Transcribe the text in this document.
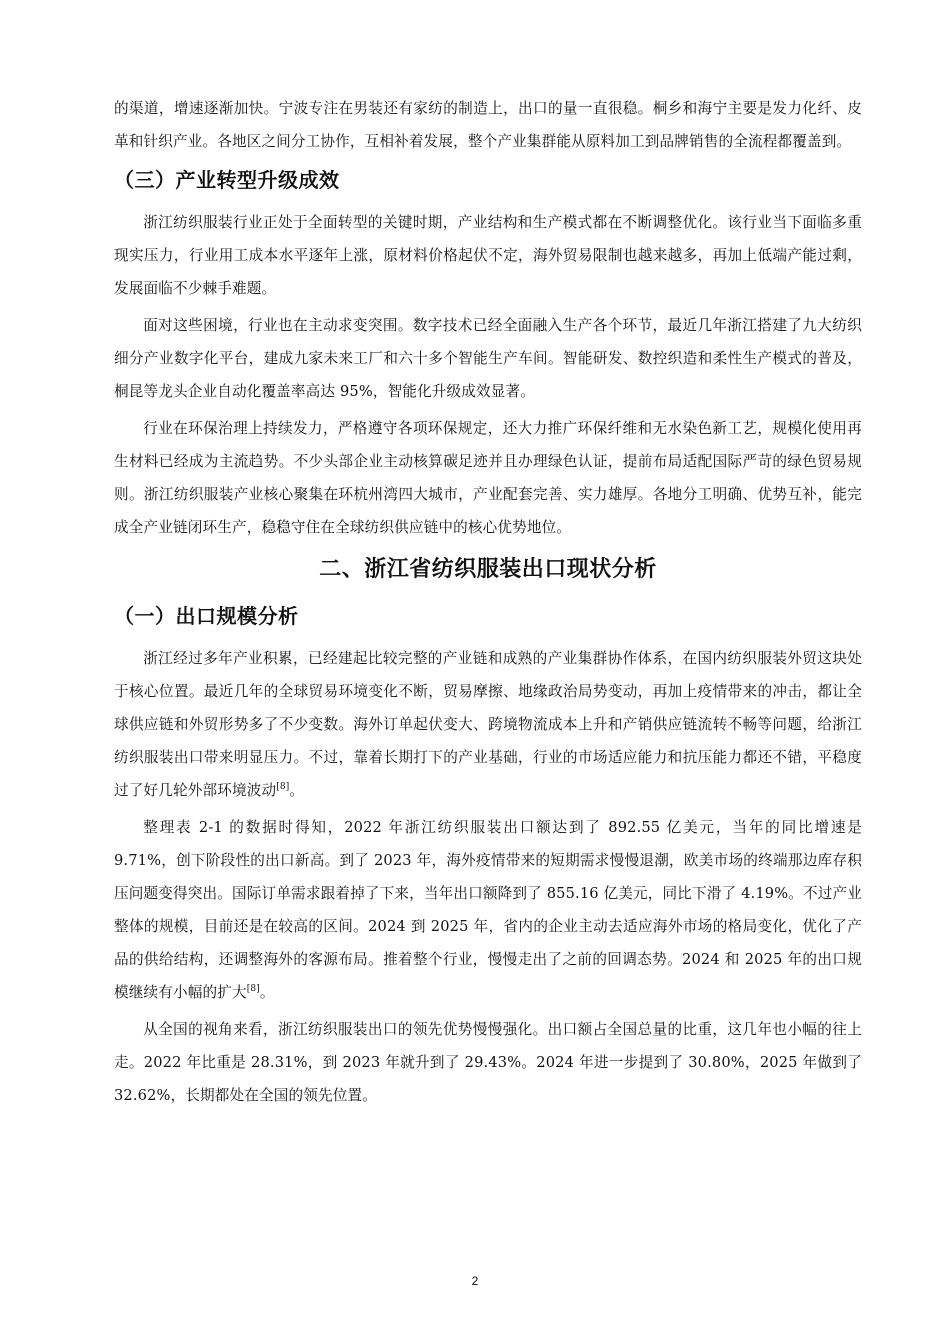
的渠道，增速逐渐加快。宁波专注在男装还有家纺的制造上，出口的量一直很稳。桐乡和海宁主要是发力化纤、皮革和针织产业。各地区之间分工协作，互相补着发展，整个产业集群能从原料加工到品牌销售的全流程都覆盖到。

（三）产业转型升级成效

浙江纺织服装行业正处于全面转型的关键时期，产业结构和生产模式都在不断调整优化。该行业当下面临多重现实压力，行业用工成本水平逐年上涨，原材料价格起伏不定，海外贸易限制也越来越多，再加上低端产能过剩，发展面临不少棘手难题。

面对这些困境，行业也在主动求变突围。数字技术已经全面融入生产各个环节，最近几年浙江搭建了九大纺织细分产业数字化平台，建成九家未来工厂和六十多个智能生产车间。智能研发、数控织造和柔性生产模式的普及，桐昆等龙头企业自动化覆盖率高达 95%，智能化升级成效显著。

行业在环保治理上持续发力，严格遵守各项环保规定，还大力推广环保纤维和无水染色新工艺，规模化使用再生材料已经成为主流趋势。不少头部企业主动核算碳足迹并且办理绿色认证，提前布局适配国际严苛的绿色贸易规则。浙江纺织服装产业核心聚集在环杭州湾四大城市，产业配套完善、实力雄厚。各地分工明确、优势互补，能完成全产业链闭环生产，稳稳守住在全球纺织供应链中的核心优势地位。

二、浙江省纺织服装出口现状分析
（一）出口规模分析

浙江经过多年产业积累，已经建起比较完整的产业链和成熟的产业集群协作体系，在国内纺织服装外贸这块处于核心位置。最近几年的全球贸易环境变化不断，贸易摩擦、地缘政治局势变动，再加上疫情带来的冲击，都让全球供应链和外贸形势多了不少变数。海外订单起伏变大、跨境物流成本上升和产销供应链流转不畅等问题，给浙江纺织服装出口带来明显压力。不过，靠着长期打下的产业基础，行业的市场适应能力和抗压能力都还不错，平稳度过了好几轮外部环境波动[8]。

整理表 2-1 的数据时得知，2022 年浙江纺织服装出口额达到了 892.55 亿美元，当年的同比增速是 9.71%，创下阶段性的出口新高。到了 2023 年，海外疫情带来的短期需求慢慢退潮，欧美市场的终端那边库存积压问题变得突出。国际订单需求跟着掉了下来，当年出口额降到了 855.16 亿美元，同比下滑了 4.19%。不过产业整体的规模，目前还是在较高的区间。2024 到 2025 年，省内的企业主动去适应海外市场的格局变化，优化了产品的供给结构，还调整海外的客源布局。推着整个行业，慢慢走出了之前的回调态势。2024 和 2025 年的出口规模继续有小幅的扩大[8]。

从全国的视角来看，浙江纺织服装出口的领先优势慢慢强化。出口额占全国总量的比重，这几年也小幅的往上走。2022 年比重是 28.31%，到 2023 年就升到了 29.43%。2024 年进一步提到了 30.80%，2025 年做到了 32.62%，长期都处在全国的领先位置。

2
